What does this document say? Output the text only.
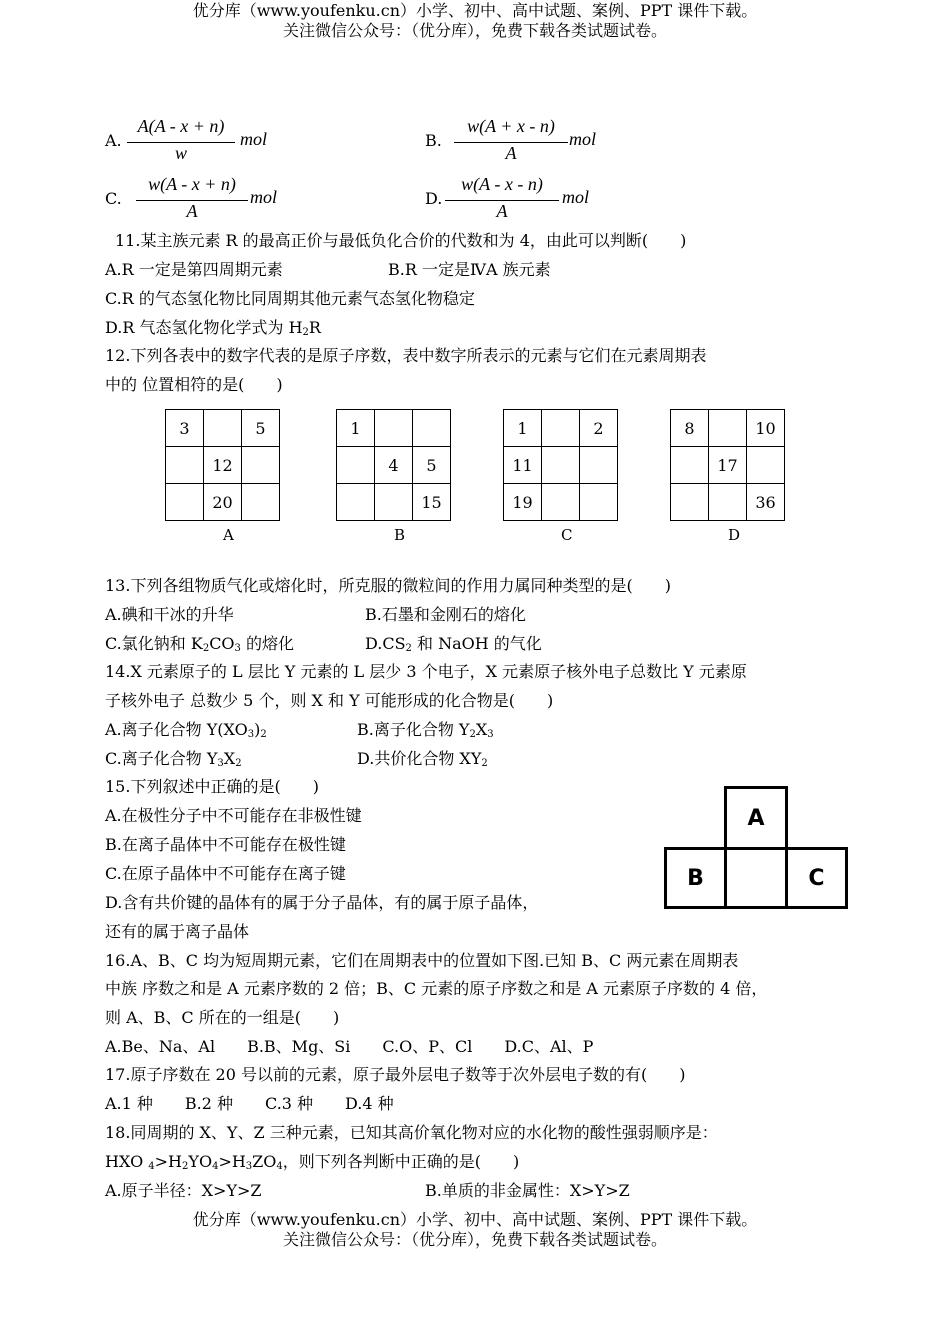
优分库（www.youfenku.cn）小学、初中、高中试题、案例、PPT 课件下载。
关注微信公众号：（优分库），免费下载各类试题试卷。
A.
A(A - x + n)
w
mol	B.
w(A + x - n)
A
mol
C.
w(A - x + n)
A
mol	D.
w(A - x - n)
A
mol
11.某主族元素 R 的最高正价与最低负化合价的代数和为 4，由此可以判断(　　)
A.R 一定是第四周期元素	B.R 一定是ⅣA 族元素
C.R 的气态氢化物比同周期其他元素气态氢化物稳定
D.R 气态氢化物化学式为 $H_2R$
12.下列各表中的数字代表的是原子序数，表中数字所表示的元素与它们在元素周期表
中的 位置相符的是(　　)
3		5
	12	
	20	
A
1		
	4	5
		15
B
1		2
11		
19		
C
8		10
	17	
		36
D
13.下列各组物质气化或熔化时，所克服的微粒间的作用力属同种类型的是(　　)
A.碘和干冰的升华	B.石墨和金刚石的熔化
C.氯化钠和 $K_2CO_3$ 的熔化	$D.CS_2$ 和 NaOH 的气化
14.X 元素原子的 L 层比 Y 元素的 L 层少 3 个电子，X 元素原子核外电子总数比 Y 元素原
子核外电子 总数少 5 个，则 X 和 Y 可能形成的化合物是(　　)
A.离子化合物 $Y(XO_3)_2$	B.离子化合物 $Y_2X_3$
C.离子化合物 $Y_3X_2$	D.共价化合物 $XY_2$
15.下列叙述中正确的是(　　)
A.在极性分子中不可能存在非极性键
B.在离子晶体中不可能存在极性键
C.在原子晶体中不可能存在离子键
D.含有共价键的晶体有的属于分子晶体，有的属于原子晶体，
还有的属于离子晶体
A
B	C
16.A、B、C 均为短周期元素，它们在周期表中的位置如下图.已知 B、C 两元素在周期表
中族 序数之和是 A 元素序数的 2 倍；B、C 元素的原子序数之和是 A 元素原子序数的 4 倍，
则 A、B、C 所在的一组是(　　)
A.Be、Na、Al　　B.B、Mg、Si　　C.O、P、Cl　　D.C、Al、P
17.原子序数在 20 号以前的元素，原子最外层电子数等于次外层电子数的有(　　)
A.1 种　　B.2 种　　C.3 种　　D.4 种
18.同周期的 X、Y、Z 三种元素，已知其高价氧化物对应的水化物的酸性强弱顺序是：
HXO $_4>H_2YO_4>H_3ZO_4$，则下列各判断中正确的是(　　)
A.原子半径：X>Y>Z	B.单质的非金属性：X>Y>Z
优分库（www.youfenku.cn）小学、初中、高中试题、案例、PPT 课件下载。
关注微信公众号：（优分库），免费下载各类试题试卷。
